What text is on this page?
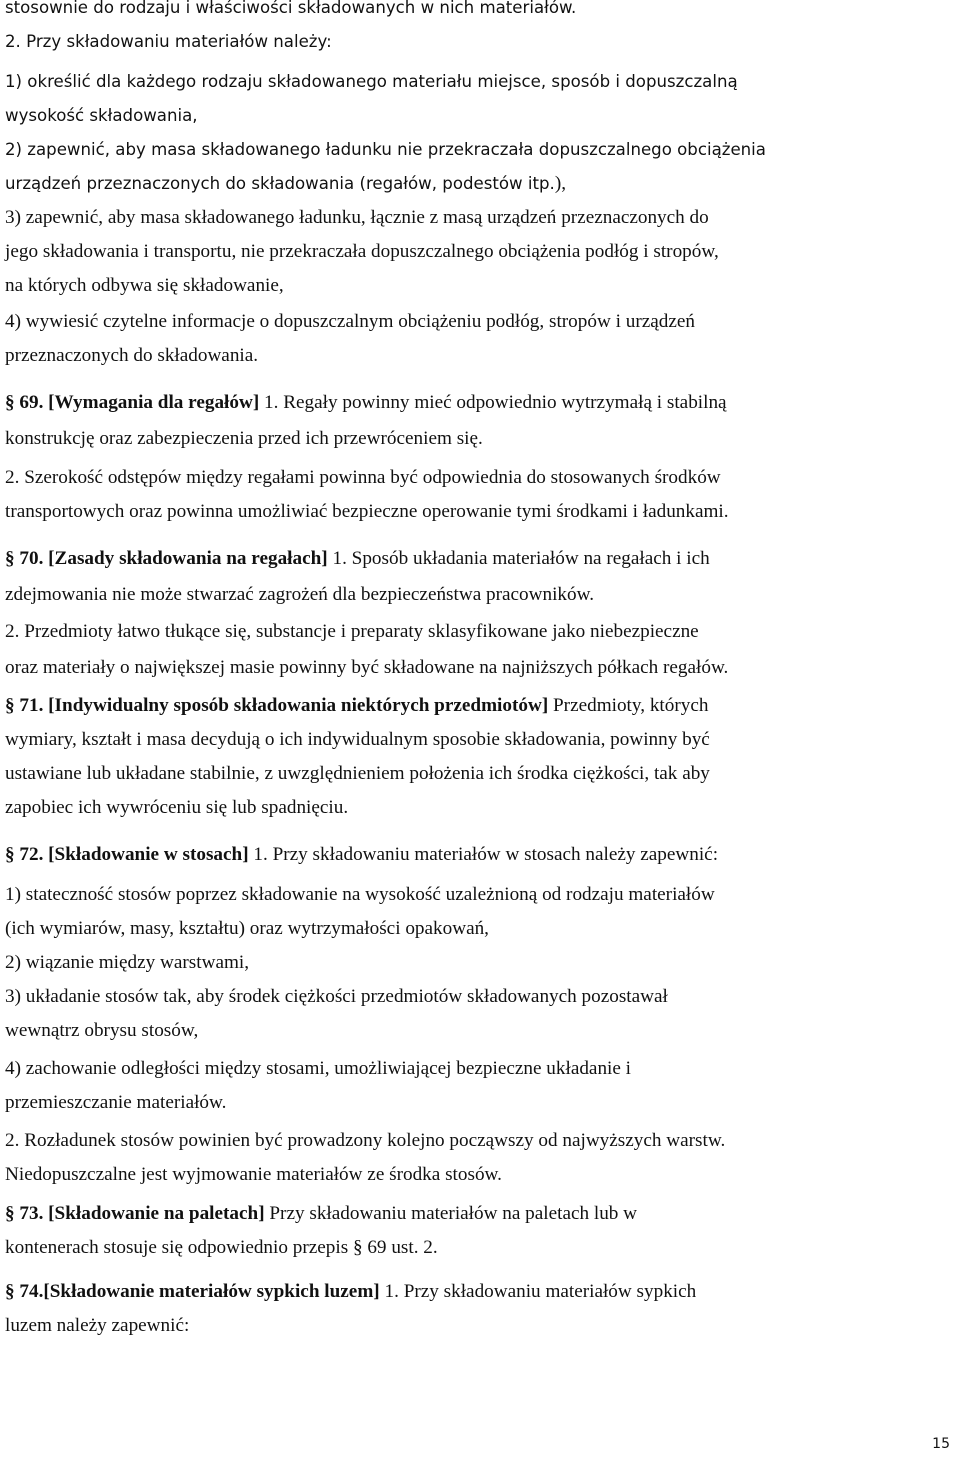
stosownie do rodzaju i właściwości składowanych w nich materiałów.
2. Przy składowaniu materiałów należy:
1) określić dla każdego rodzaju składowanego materiału miejsce, sposób i dopuszczalną
wysokość składowania,
2) zapewnić, aby masa składowanego ładunku nie przekraczała dopuszczalnego obciążenia
urządzeń przeznaczonych do składowania (regałów, podestów itp.),
3) zapewnić, aby masa składowanego ładunku, łącznie z masą urządzeń przeznaczonych do
jego składowania i transportu, nie przekraczała dopuszczalnego obciążenia podłóg i stropów,
na których odbywa się składowanie,
4) wywiesić czytelne informacje o dopuszczalnym obciążeniu podłóg, stropów i urządzeń
przeznaczonych do składowania.
§ 69. [Wymagania dla regałów] 1. Regały powinny mieć odpowiednio wytrzymałą i stabilną
konstrukcję oraz zabezpieczenia przed ich przewróceniem się.
2. Szerokość odstępów między regałami powinna być odpowiednia do stosowanych środków
transportowych oraz powinna umożliwiać bezpieczne operowanie tymi środkami i ładunkami.
§ 70. [Zasady składowania na regałach] 1. Sposób układania materiałów na regałach i ich
zdejmowania nie może stwarzać zagrożeń dla bezpieczeństwa pracowników.
2. Przedmioty łatwo tłukące się, substancje i preparaty sklasyfikowane jako niebezpieczne
oraz materiały o największej masie powinny być składowane na najniższych półkach regałów.
§ 71. [Indywidualny sposób składowania niektórych przedmiotów] Przedmioty, których
wymiary, kształt i masa decydują o ich indywidualnym sposobie składowania, powinny być
ustawiane lub układane stabilnie, z uwzględnieniem położenia ich środka ciężkości, tak aby
zapobiec ich wywróceniu się lub spadnięciu.
§ 72. [Składowanie w stosach] 1. Przy składowaniu materiałów w stosach należy zapewnić:
1) stateczność stosów poprzez składowanie na wysokość uzależnioną od rodzaju materiałów
(ich wymiarów, masy, kształtu) oraz wytrzymałości opakowań,
2) wiązanie między warstwami,
3) układanie stosów tak, aby środek ciężkości przedmiotów składowanych pozostawał
wewnątrz obrysu stosów,
4) zachowanie odległości między stosami, umożliwiającej bezpieczne układanie i
przemieszczanie materiałów.
2. Rozładunek stosów powinien być prowadzony kolejno począwszy od najwyższych warstw.
Niedopuszczalne jest wyjmowanie materiałów ze środka stosów.
§ 73. [Składowanie na paletach] Przy składowaniu materiałów na paletach lub w
kontenerach stosuje się odpowiednio przepis § 69 ust. 2.
§ 74.[Składowanie materiałów sypkich luzem] 1. Przy składowaniu materiałów sypkich
luzem należy zapewnić:
15
